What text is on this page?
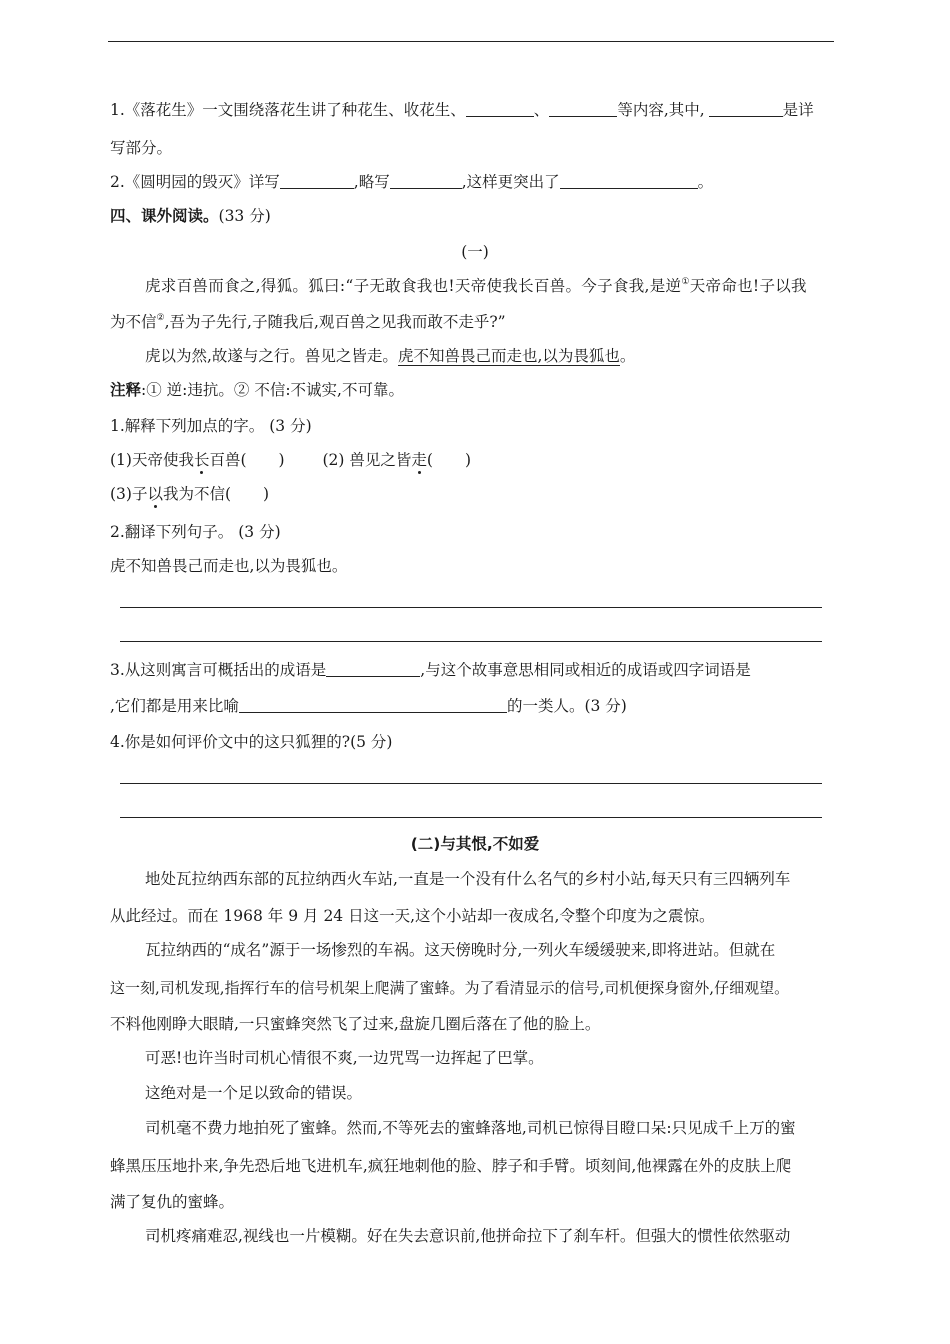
1.《落花生》一文围绕落花生讲了种花生、收花生、	、	等内容,其中,	是详
写部分。
2.《圆明园的毁灭》详写	,略写	,这样更突出了	。
四、课外阅读。(33 分)
(一)
虎求百兽而食之,得狐。狐曰:“子无敢食我也!天帝使我长百兽。今子食我,是逆①天帝命也!子以我
为不信②,吾为子先行,子随我后,观百兽之见我而敢不走乎?”
虎以为然,故遂与之行。兽见之皆走。虎不知兽畏己而走也,以为畏狐也。
注释:① 逆:违抗。② 不信:不诚实,不可靠。
1.解释下列加点的字。 (3 分)
(1)天帝使我长百兽( ) (2) 兽见之皆走( )
(3)子以我为不信( )
2.翻译下列句子。 (3 分)
虎不知兽畏己而走也,以为畏狐也。
3.从这则寓言可概括出的成语是	,与这个故事意思相同或相近的成语或四字词语是
,它们都是用来比喻	的一类人。(3 分)
4.你是如何评价文中的这只狐狸的?(5 分)
(二)与其恨,不如爱
地处瓦拉纳西东部的瓦拉纳西火车站,一直是一个没有什么名气的乡村小站,每天只有三四辆列车
从此经过。而在 1968 年 9 月 24 日这一天,这个小站却一夜成名,令整个印度为之震惊。
瓦拉纳西的“成名”源于一场惨烈的车祸。这天傍晚时分,一列火车缓缓驶来,即将进站。但就在
这一刻,司机发现,指挥行车的信号机架上爬满了蜜蜂。为了看清显示的信号,司机便探身窗外,仔细观望。
不料他刚睁大眼睛,一只蜜蜂突然飞了过来,盘旋几圈后落在了他的脸上。
可恶!也许当时司机心情很不爽,一边咒骂一边挥起了巴掌。
这绝对是一个足以致命的错误。
司机毫不费力地拍死了蜜蜂。然而,不等死去的蜜蜂落地,司机已惊得目瞪口呆:只见成千上万的蜜
蜂黑压压地扑来,争先恐后地飞进机车,疯狂地刺他的脸、脖子和手臂。顷刻间,他裸露在外的皮肤上爬
满了复仇的蜜蜂。
司机疼痛难忍,视线也一片模糊。好在失去意识前,他拼命拉下了刹车杆。但强大的惯性依然驱动
